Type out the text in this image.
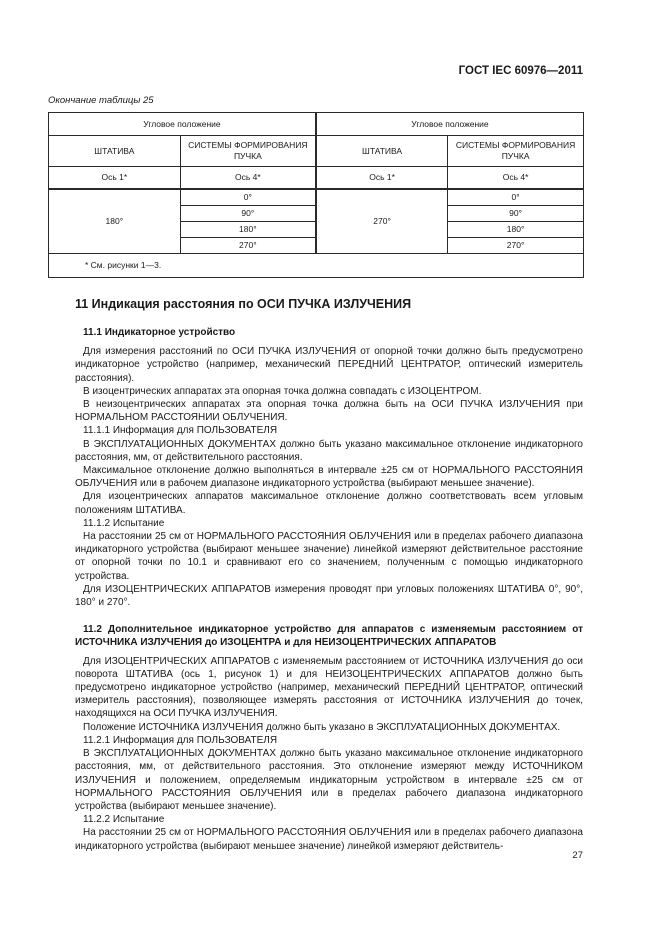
ГОСТ IEC 60976—2011
Окончание таблицы 25
Угловое положение		Угловое положение	
ШТАТИВА	СИСТЕМЫ ФОРМИРОВАНИЯ ПУЧКА	ШТАТИВА	СИСТЕМЫ ФОРМИРОВАНИЯ ПУЧКА
Ось 1*	Ось 4*	Ось 1*	Ось 4*
180°	0°	270°	0°
	90°		90°
	180°		180°
	270°		270°
* См. рисунки 1—3.			

11 Индикация расстояния по ОСИ ПУЧКА ИЗЛУЧЕНИЯ

11.1 Индикаторное устройство

Для измерения расстояний по ОСИ ПУЧКА ИЗЛУЧЕНИЯ от опорной точки должно быть предусмотрено индикаторное устройство (например, механический ПЕРЕДНИЙ ЦЕНТРАТОР, оптический измеритель расстояния).

В изоцентрических аппаратах эта опорная точка должна совпадать с ИЗОЦЕНТРОМ.

В неизоцентрических аппаратах эта опорная точка должна быть на ОСИ ПУЧКА ИЗЛУЧЕНИЯ при НОРМАЛЬНОМ РАССТОЯНИИ ОБЛУЧЕНИЯ.

11.1.1 Информация для ПОЛЬЗОВАТЕЛЯ

В ЭКСПЛУАТАЦИОННЫХ ДОКУМЕНТАХ должно быть указано максимальное отклонение индикаторного расстояния, мм, от действительного расстояния.

Максимальное отклонение должно выполняться в интервале ±25 см от НОРМАЛЬНОГО РАССТОЯНИЯ ОБЛУЧЕНИЯ или в рабочем диапазоне индикаторного устройства (выбирают меньшее значение).

Для изоцентрических аппаратов максимальное отклонение должно соответствовать всем угловым положениям ШТАТИВА.

11.1.2 Испытание

На расстоянии 25 см от НОРМАЛЬНОГО РАССТОЯНИЯ ОБЛУЧЕНИЯ или в пределах рабочего диапазона индикаторного устройства (выбирают меньшее значение) линейкой измеряют действительное расстояние от опорной точки по 10.1 и сравнивают его со значением, полученным с помощью индикаторного устройства.

Для ИЗОЦЕНТРИЧЕСКИХ АППАРАТОВ измерения проводят при угловых положениях ШТАТИВА 0°, 90°, 180° и 270°.

11.2 Дополнительное индикаторное устройство для аппаратов с изменяемым расстоянием от ИСТОЧНИКА ИЗЛУЧЕНИЯ до ИЗОЦЕНТРА и для НЕИЗОЦЕНТРИЧЕСКИХ АППАРАТОВ

Для ИЗОЦЕНТРИЧЕСКИХ АППАРАТОВ с изменяемым расстоянием от ИСТОЧНИКА ИЗЛУЧЕНИЯ до оси поворота ШТАТИВА (ось 1, рисунок 1) и для НЕИЗОЦЕНТРИЧЕСКИХ АППАРАТОВ должно быть предусмотрено индикаторное устройство (например, механический ПЕРЕДНИЙ ЦЕНТРАТОР, оптический измеритель расстояния), позволяющее измерять расстояния от ИСТОЧНИКА ИЗЛУЧЕНИЯ до точек, находящихся на ОСИ ПУЧКА ИЗЛУЧЕНИЯ.

Положение ИСТОЧНИКА ИЗЛУЧЕНИЯ должно быть указано в ЭКСПЛУАТАЦИОННЫХ ДОКУМЕНТАХ.

11.2.1 Информация для ПОЛЬЗОВАТЕЛЯ

В ЭКСПЛУАТАЦИОННЫХ ДОКУМЕНТАХ должно быть указано максимальное отклонение индикаторного расстояния, мм, от действительного расстояния. Это отклонение измеряют между ИСТОЧНИКОМ ИЗЛУЧЕНИЯ и положением, определяемым индикаторным устройством в интервале ±25 см от НОРМАЛЬНОГО РАССТОЯНИЯ ОБЛУЧЕНИЯ или в пределах рабочего диапазона индикаторного устройства (выбирают меньшее значение).

11.2.2 Испытание

На расстоянии 25 см от НОРМАЛЬНОГО РАССТОЯНИЯ ОБЛУЧЕНИЯ или в пределах рабочего диапазона индикаторного устройства (выбирают меньшее значение) линейкой измеряют действитель-

27
